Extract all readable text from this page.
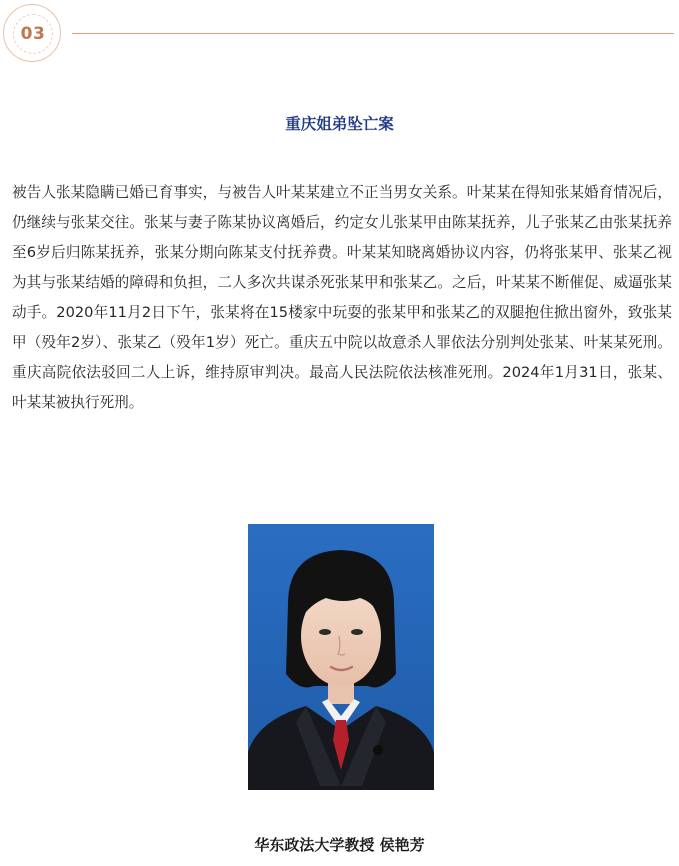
03
重庆姐弟坠亡案
被告人张某隐瞒已婚已育事实，与被告人叶某某建立不正当男女关系。叶某某在得知张某婚育情况后，仍继续与张某交往。张某与妻子陈某协议离婚后，约定女儿张某甲由陈某抚养，儿子张某乙由张某抚养至6岁后归陈某抚养，张某分期向陈某支付抚养费。叶某某知晓离婚协议内容，仍将张某甲、张某乙视为其与张某结婚的障碍和负担，二人多次共谋杀死张某甲和张某乙。之后，叶某某不断催促、威逼张某动手。2020年11月2日下午，张某将在15楼家中玩耍的张某甲和张某乙的双腿抱住掀出窗外，致张某甲（殁年2岁）、张某乙（殁年1岁）死亡。重庆五中院以故意杀人罪依法分别判处张某、叶某某死刑。重庆高院依法驳回二人上诉，维持原审判决。最高人民法院依法核准死刑。2024年1月31日，张某、叶某某被执行死刑。
华东政法大学教授 侯艳芳
